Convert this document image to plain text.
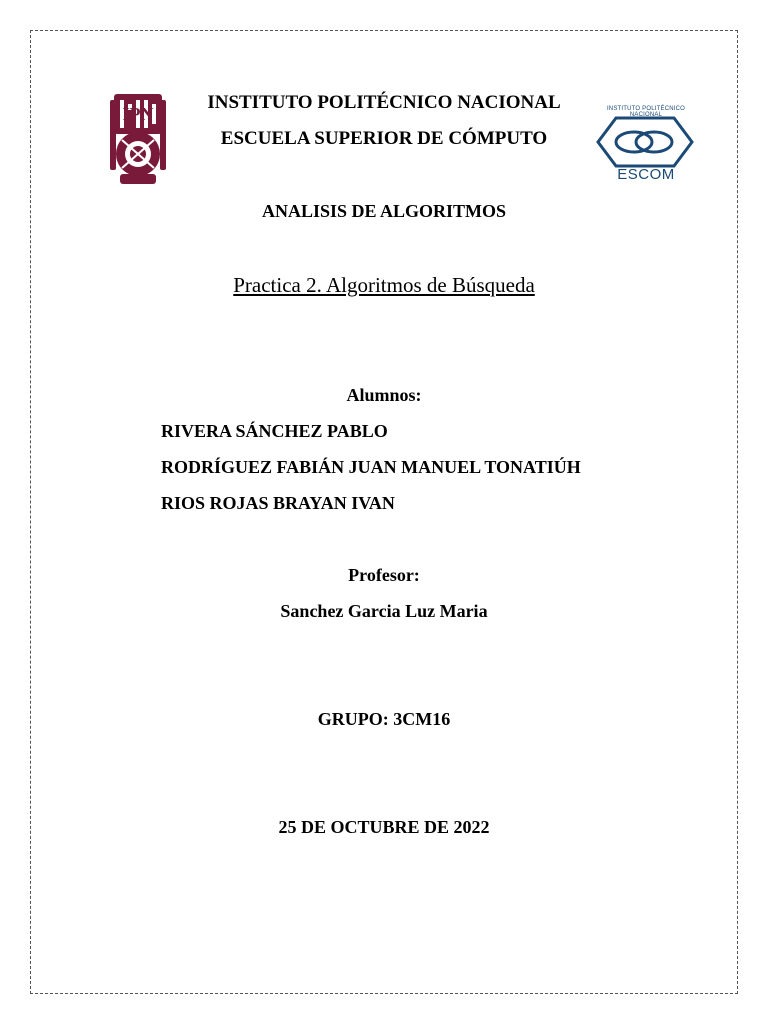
IPN	INSTITUTO POLITÉCNICO NACIONAL
ESCOM
INSTITUTO POLITÉCNICO NACIONAL
ESCUELA SUPERIOR DE CÓMPUTO
ANALISIS DE ALGORITMOS
Practica 2. Algoritmos de Búsqueda
Alumnos:
RIVERA SÁNCHEZ PABLO
RODRÍGUEZ FABIÁN JUAN MANUEL TONATIÚH
RIOS ROJAS BRAYAN IVAN
Profesor:
Sanchez Garcia Luz Maria
GRUPO: 3CM16
25 DE OCTUBRE DE 2022
